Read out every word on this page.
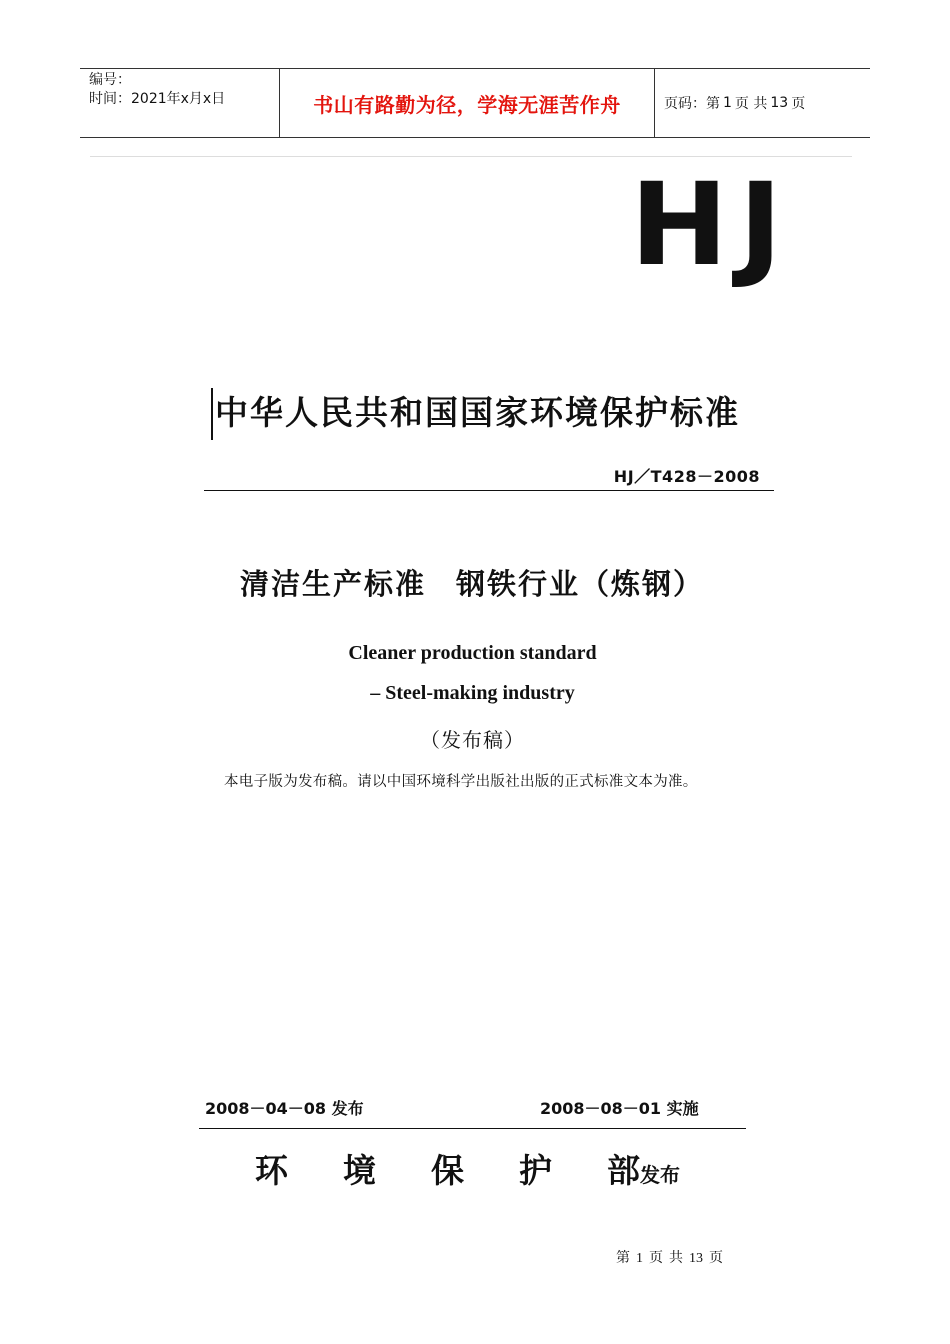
编号：
时间：2021年x月x日	书山有路勤为径，学海无涯苦作舟	页码：第 1 页 共 13 页
HJ
中华人民共和国国家环境保护标准
HJ／T428－2008
清洁生产标准 钢铁行业（炼钢）
Cleaner production standard
– Steel-making industry
（发布稿）
本电子版为发布稿。请以中国环境科学出版社出版的正式标准文本为准。
2008－04－08 发布	2008－08－01 实施
环 境 保 护 部发布
第 1 页 共 13 页
